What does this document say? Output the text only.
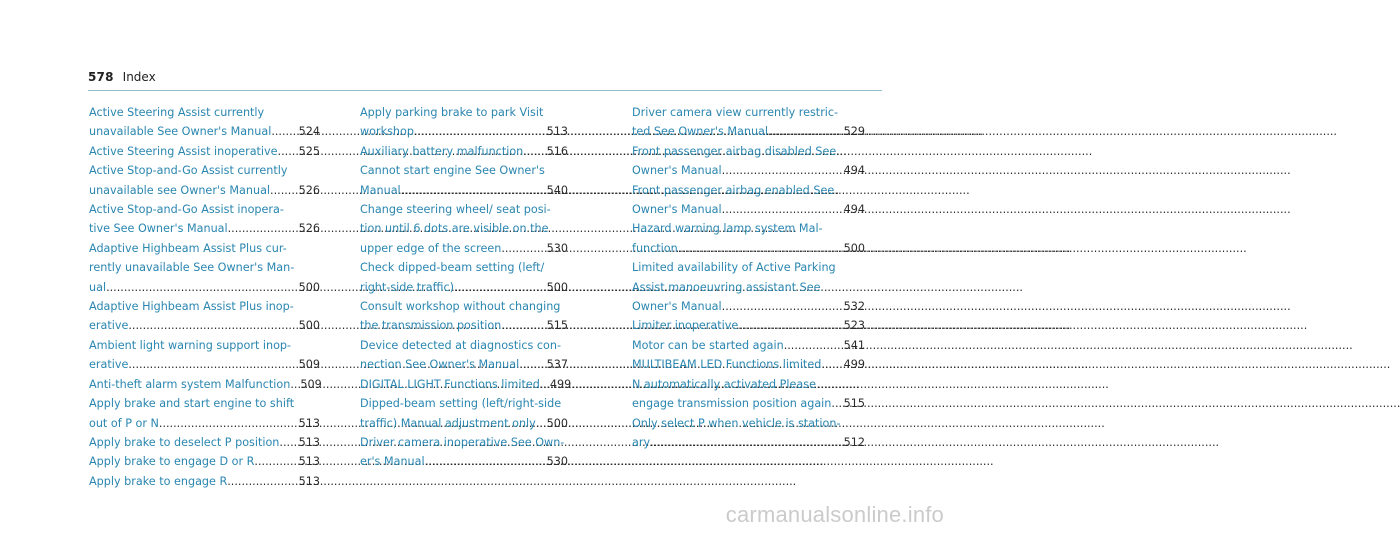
578 Index
Active Steering Assist currently
unavailable See Owner's Manual .....	524
Active Steering Assist inoperative .....	525
Active Stop-and-Go Assist currently
unavailable see Owner's Manual .....	526
Active Stop-and-Go Assist inopera-
tive See Owner's Manual .....	526
Adaptive Highbeam Assist Plus cur-
rently unavailable See Owner's Man-
ual .....	500
Adaptive Highbeam Assist Plus inop-
erative .....	500
Ambient light warning support inop-
erative .....	509
Anti-theft alarm system Malfunction ..... 509
Apply brake and start engine to shift
out of P or N .....	513
Apply brake to deselect P position .....	513
Apply brake to engage D or R .....	513
Apply brake to engage R .....	513
Apply parking brake to park Visit
workshop .....	513
Auxiliary battery malfunction .....	516
Cannot start engine See Owner's
Manual .....	540
Change steering wheel/ seat posi-
tion until 6 dots are visible on the
upper edge of the screen .....	530
Check dipped-beam setting (left/
right-side traffic) .....	500
Consult workshop without changing
the transmission position .....	515
Device detected at diagnostics con-
nection See Owner's Manual .....	537
DIGITAL LIGHT Functions limited ..... 499
Dipped-beam setting (left/right-side
traffic) Manual adjustment only ..... 500
Driver camera inoperative See Own-
er's Manual .....	530
Driver camera view currently restric-
ted See Owner's Manual .....	529
Front passenger airbag disabled See
Owner's Manual .....	494
Front passenger airbag enabled See
Owner's Manual .....	494
Hazard warning lamp system Mal-
function .....	500
Limited availability of Active Parking
Assist manoeuvring assistant See
Owner's Manual .....	532
Limiter inoperative .....	523
Motor can be started again .....	541
MULTIBEAM LED Functions limited .....	499
N automatically activated Please
engage transmission position again .....	515
Only select P when vehicle is station-
ary .....	512
carmanualsonline.info
